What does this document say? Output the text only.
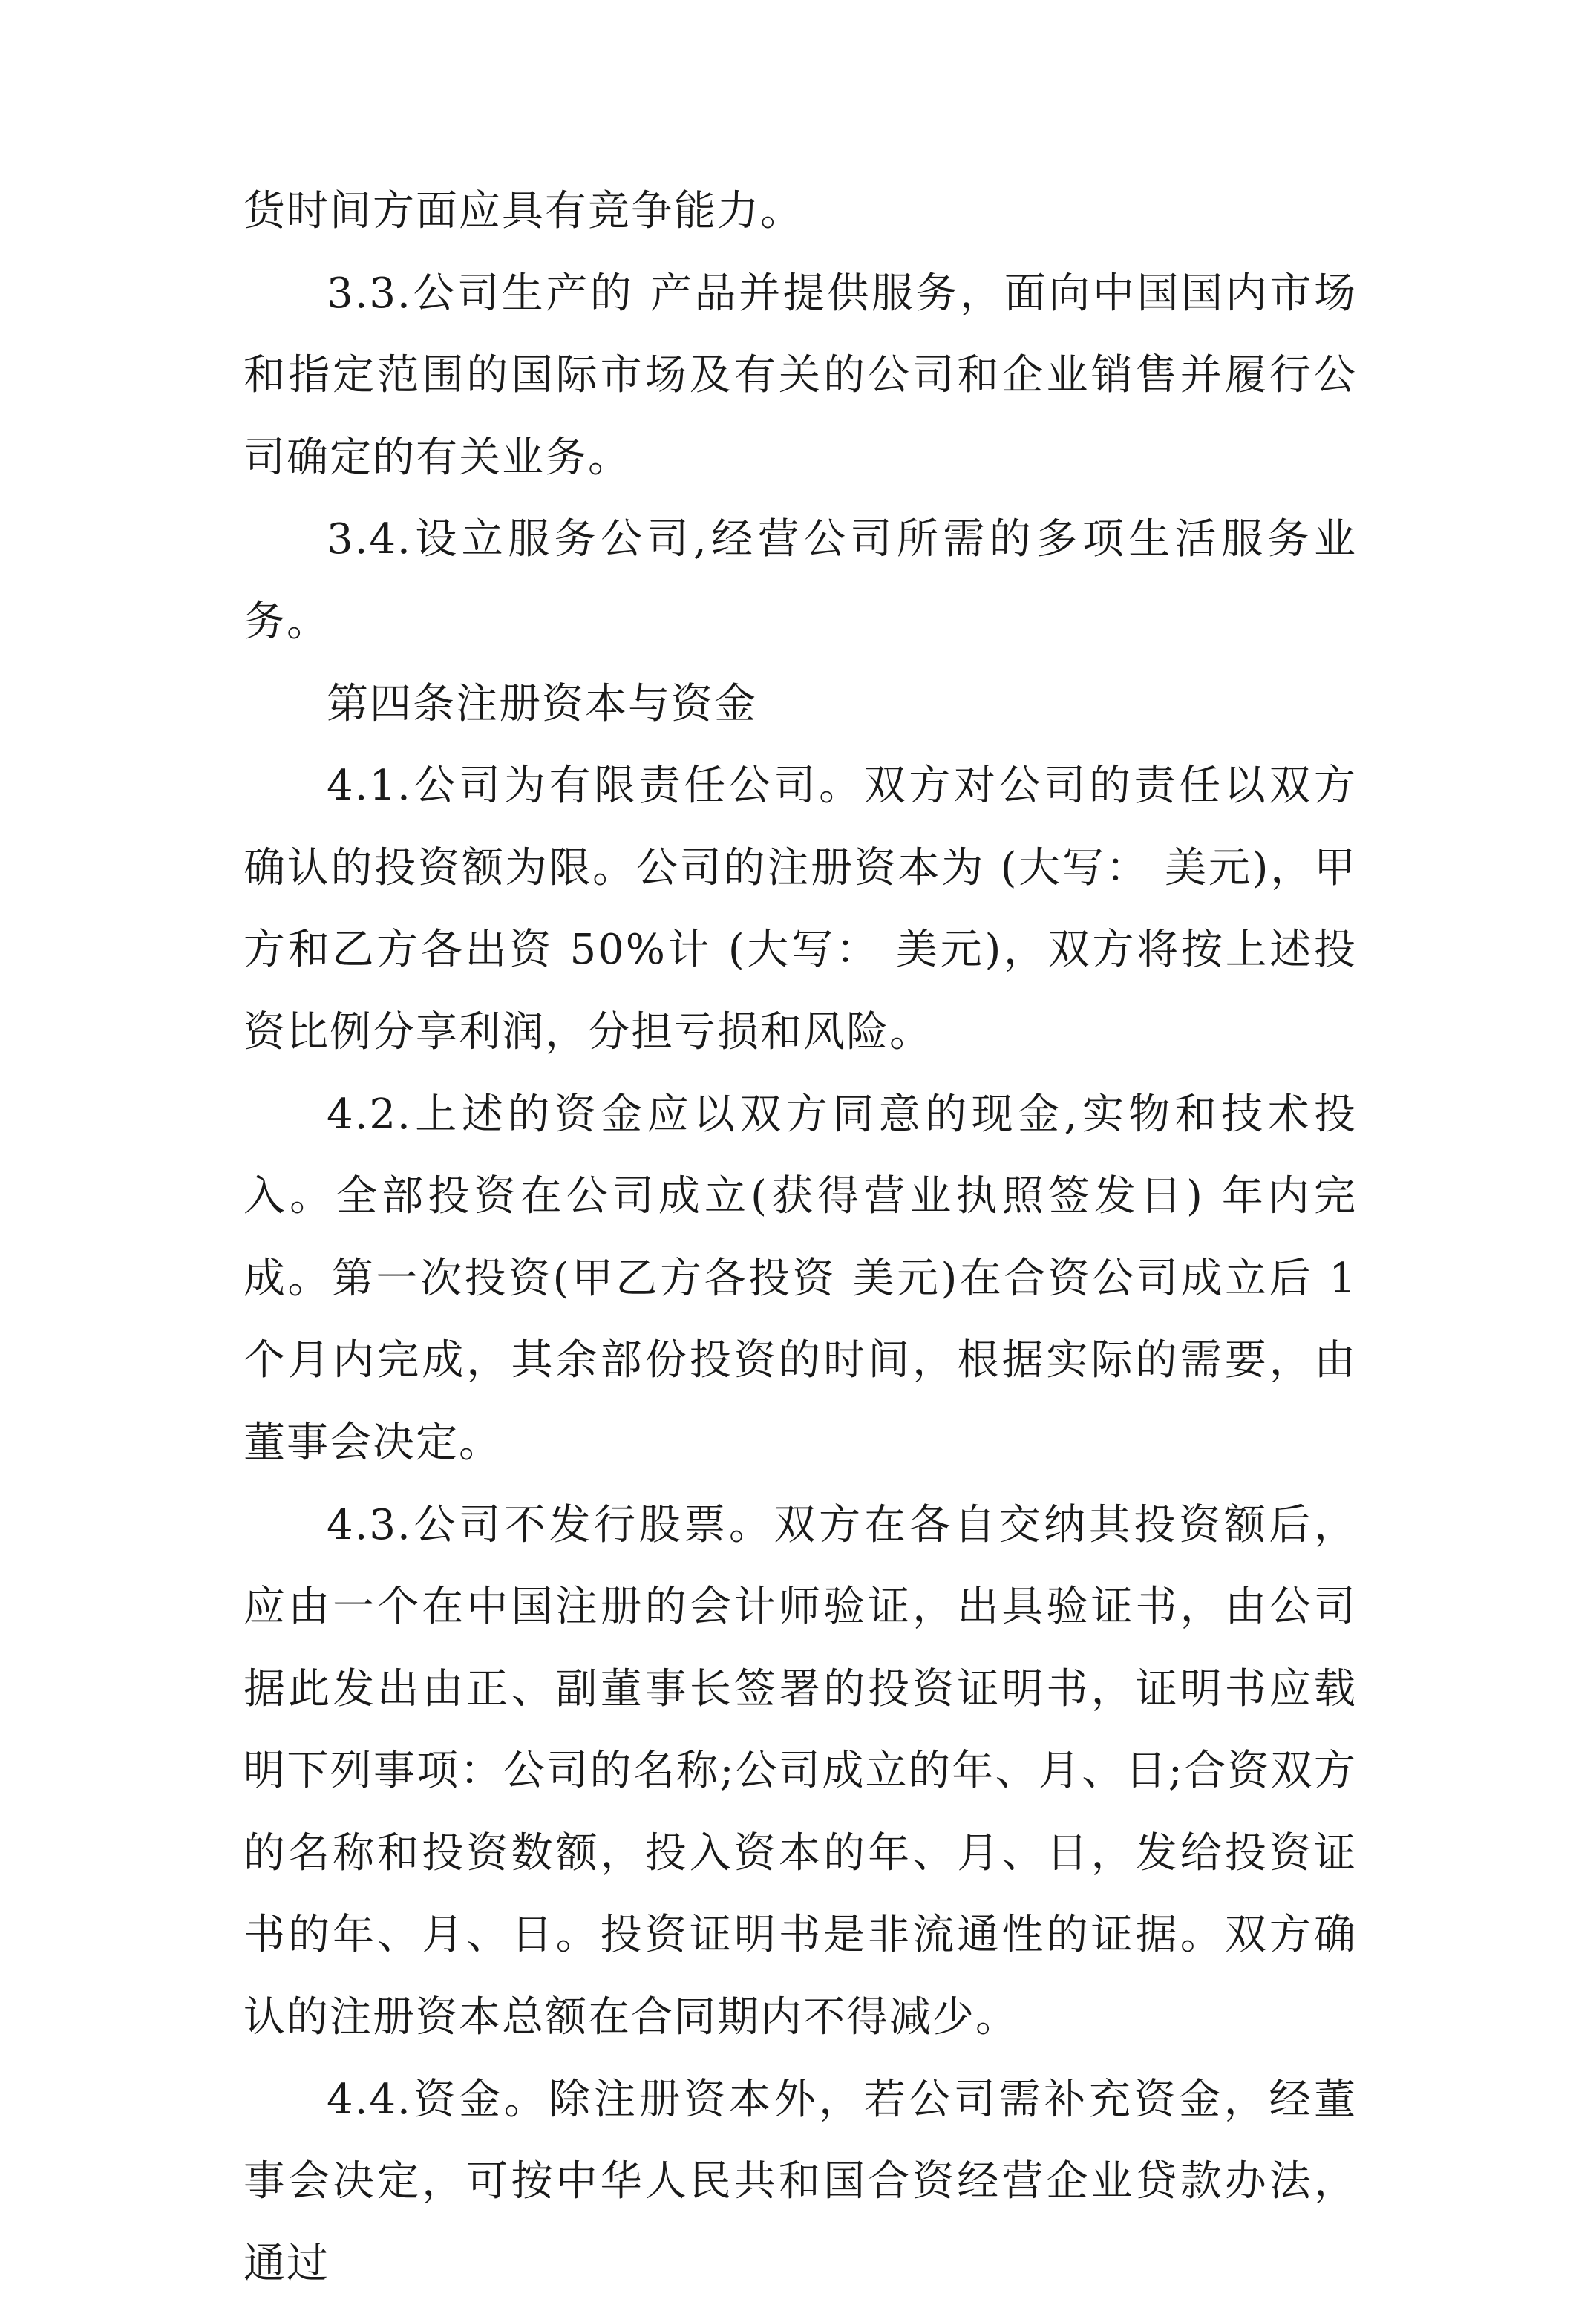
货时间方面应具有竞争能力。

3.3.公司生产的 产品并提供服务，面向中国国内市场和指定范围的国际市场及有关的公司和企业销售并履行公司确定的有关业务。

3.4.设立服务公司,经营公司所需的多项生活服务业务。

第四条注册资本与资金

4.1.公司为有限责任公司。双方对公司的责任以双方确认的投资额为限。公司的注册资本为 (大写： 美元)，甲方和乙方各出资 50%计 (大写： 美元)，双方将按上述投资比例分享利润，分担亏损和风险。

4.2.上述的资金应以双方同意的现金,实物和技术投入。全部投资在公司成立(获得营业执照签发日) 年内完成。第一次投资(甲乙方各投资 美元)在合资公司成立后 1 个月内完成，其余部份投资的时间，根据实际的需要，由董事会决定。

4.3.公司不发行股票。双方在各自交纳其投资额后，应由一个在中国注册的会计师验证，出具验证书，由公司据此发出由正、副董事长签署的投资证明书，证明书应载明下列事项：公司的名称;公司成立的年、月、日;合资双方的名称和投资数额，投入资本的年、月、日，发给投资证书的年、月、日。投资证明书是非流通性的证据。双方确认的注册资本总额在合同期内不得减少。

4.4.资金。除注册资本外，若公司需补充资金，经董事会决定，可按中华人民共和国合资经营企业贷款办法，通过
